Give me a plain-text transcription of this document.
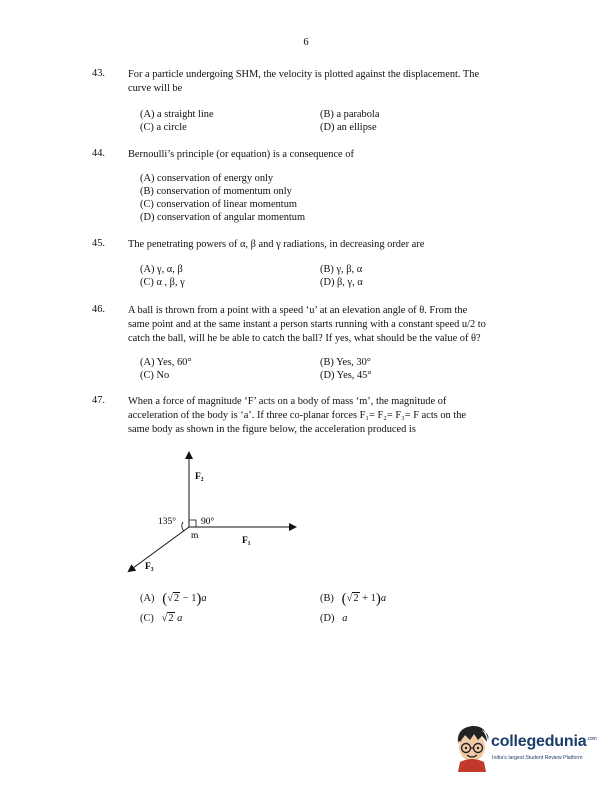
6
43. For a particle undergoing SHM, the velocity is plotted against the displacement. The
curve will be
(A) a straight line	(B) a parabola
(C) a circle	(D) an ellipse
44. Bernoulli’s principle (or equation) is a consequence of
(A) conservation of energy only
(B) conservation of momentum only
(C) conservation of linear momentum
(D) conservation of angular momentum
45. The penetrating powers of α, β and γ radiations, in decreasing order are
(A) γ, α, β	(B) γ, β, α
(C) α , β, γ	(D) β, γ, α
46. A ball is thrown from a point with a speed ‘u’ at an elevation angle of θ. From the
same point and at the same instant a person starts running with a constant speed u/2 to
catch the ball, will he be able to catch the ball? If yes, what should be the value of θ?
(A) Yes, 60°	(B) Yes, 30°
(C) No	(D) Yes, 45°
47. When a force of magnitude ‘F’ acts on a body of mass ‘m’, the magnitude of
acceleration of the body is ‘a’. If three co-planar forces F₁= F₂= F₃= F acts on the
same body as shown in the figure below, the acceleration produced is
F₂
F₁
F₃
m
135°	90°
(A) (√2 − 1)a	(B) (√2 + 1)a
(C) √2 a	(D) a
collegedunia$^{.com}$
India’s largest Student Review Platform
